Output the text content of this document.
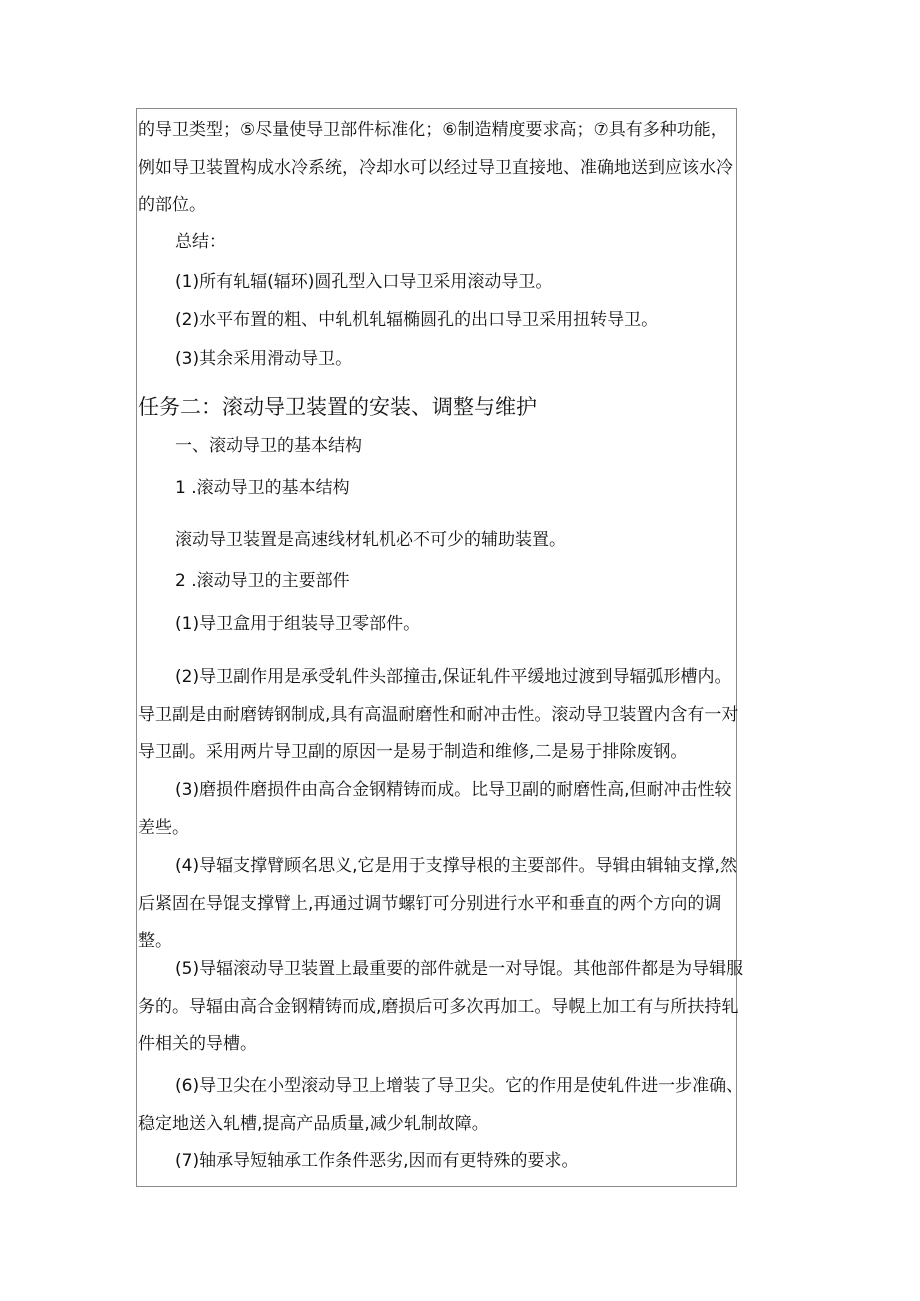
的导卫类型；⑤尽量使导卫部件标准化；⑥制造精度要求高；⑦具有多种功能，
例如导卫装置构成水冷系统，冷却水可以经过导卫直接地、准确地送到应该水冷
的部位。
总结：
(1)所有轧辐(辐环)圆孔型入口导卫采用滚动导卫。
(2)水平布置的粗、中轧机轧辐椭圆孔的出口导卫采用扭转导卫。
(3)其余采用滑动导卫。
任务二：滚动导卫装置的安装、调整与维护
一、滚动导卫的基本结构
1 .滚动导卫的基本结构
滚动导卫装置是高速线材轧机必不可少的辅助装置。
2 .滚动导卫的主要部件
(1)导卫盒用于组装导卫零部件。
(2)导卫副作用是承受轧件头部撞击,保证轧件平缓地过渡到导辐弧形槽内。
导卫副是由耐磨铸钢制成,具有高温耐磨性和耐冲击性。滚动导卫装置内含有一对
导卫副。采用两片导卫副的原因一是易于制造和维修,二是易于排除废钢。
(3)磨损件磨损件由高合金钢精铸而成。比导卫副的耐磨性高,但耐冲击性较
差些。
(4)导辐支撑臂顾名思义,它是用于支撑导根的主要部件。导辑由辑轴支撑,然
后紧固在导馄支撑臂上,再通过调节螺钉可分别进行水平和垂直的两个方向的调
整。
(5)导辐滚动导卫装置上最重要的部件就是一对导馄。其他部件都是为导辑服
务的。导辐由高合金钢精铸而成,磨损后可多次再加工。导幌上加工有与所扶持轧
件相关的导槽。
(6)导卫尖在小型滚动导卫上增装了导卫尖。它的作用是使轧件进一步准确、
稳定地送入轧槽,提高产品质量,减少轧制故障。
(7)轴承导短轴承工作条件恶劣,因而有更特殊的要求。
